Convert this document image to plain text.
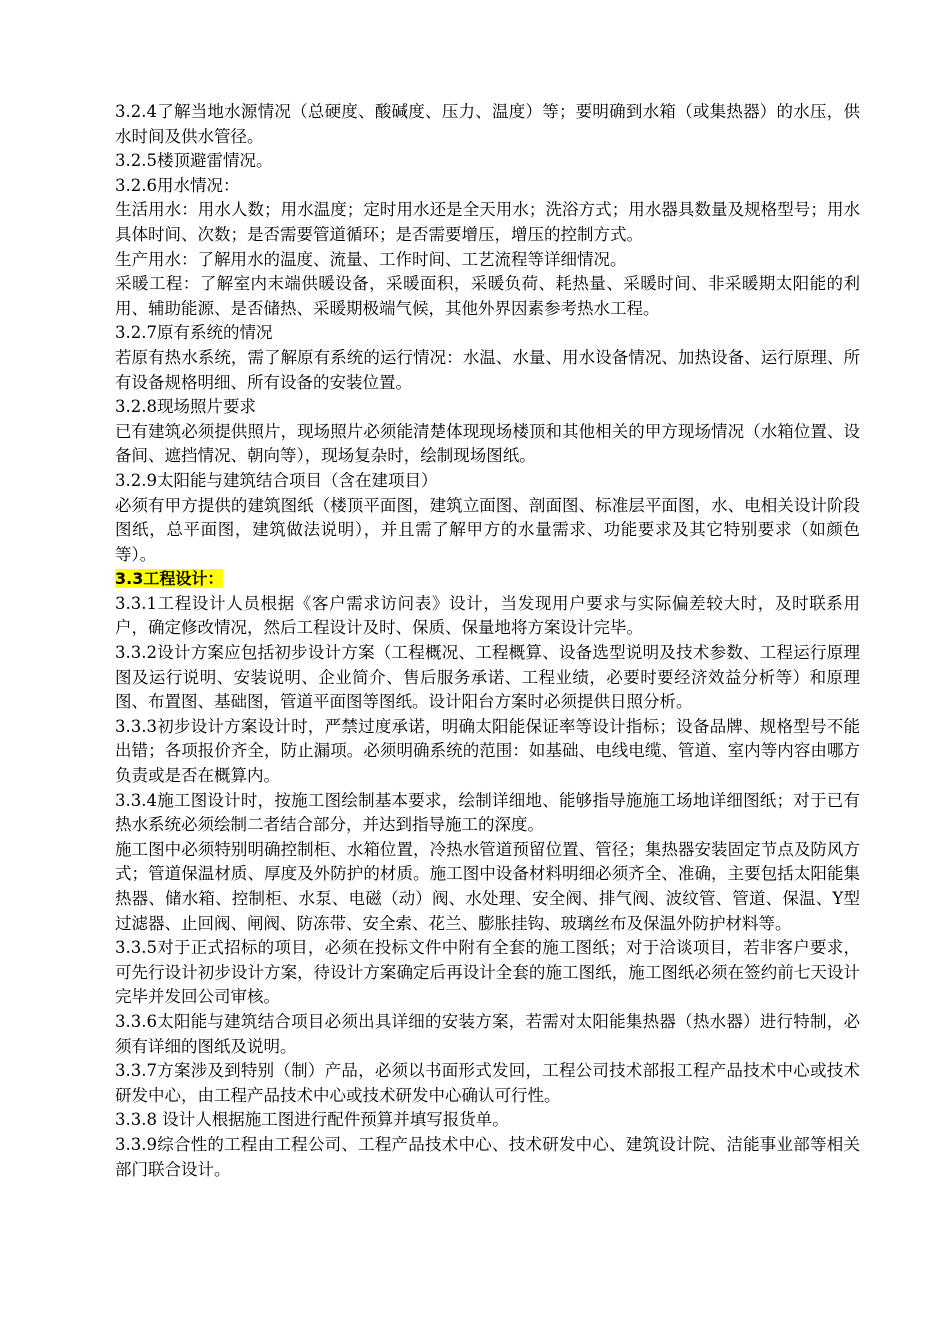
3.2.4了解当地水源情况（总硬度、酸碱度、压力、温度）等；要明确到水箱（或集热器）的水压，供水时间及供水管径。

3.2.5楼顶避雷情况。

3.2.6用水情况：

生活用水：用水人数；用水温度；定时用水还是全天用水；洗浴方式；用水器具数量及规格型号；用水具体时间、次数；是否需要管道循环；是否需要增压，增压的控制方式。

生产用水：了解用水的温度、流量、工作时间、工艺流程等详细情况。

采暖工程：了解室内末端供暖设备，采暖面积，采暖负荷、耗热量、采暖时间、非采暖期太阳能的利用、辅助能源、是否储热、采暖期极端气候，其他外界因素参考热水工程。

3.2.7原有系统的情况

若原有热水系统，需了解原有系统的运行情况：水温、水量、用水设备情况、加热设备、运行原理、所有设备规格明细、所有设备的安装位置。

3.2.8现场照片要求

已有建筑必须提供照片，现场照片必须能清楚体现现场楼顶和其他相关的甲方现场情况（水箱位置、设备间、遮挡情况、朝向等），现场复杂时，绘制现场图纸。

3.2.9太阳能与建筑结合项目（含在建项目）

必须有甲方提供的建筑图纸（楼顶平面图，建筑立面图、剖面图、标准层平面图，水、电相关设计阶段图纸，总平面图，建筑做法说明），并且需了解甲方的水量需求、功能要求及其它特别要求（如颜色等）。

3.3工程设计：

3.3.1工程设计人员根据《客户需求访问表》设计，当发现用户要求与实际偏差较大时，及时联系用户，确定修改情况，然后工程设计及时、保质、保量地将方案设计完毕。

3.3.2设计方案应包括初步设计方案（工程概况、工程概算、设备选型说明及技术参数、工程运行原理图及运行说明、安装说明、企业简介、售后服务承诺、工程业绩，必要时要经济效益分析等）和原理图、布置图、基础图，管道平面图等图纸。设计阳台方案时必须提供日照分析。

3.3.3初步设计方案设计时，严禁过度承诺，明确太阳能保证率等设计指标；设备品牌、规格型号不能出错；各项报价齐全，防止漏项。必须明确系统的范围：如基础、电线电缆、管道、室内等内容由哪方负责或是否在概算内。

3.3.4施工图设计时，按施工图绘制基本要求，绘制详细地、能够指导施施工场地详细图纸；对于已有热水系统必须绘制二者结合部分，并达到指导施工的深度。

施工图中必须特别明确控制柜、水箱位置，冷热水管道预留位置、管径；集热器安装固定节点及防风方式；管道保温材质、厚度及外防护的材质。施工图中设备材料明细必须齐全、准确，主要包括太阳能集热器、储水箱、控制柜、水泵、电磁（动）阀、水处理、安全阀、排气阀、波纹管、管道、保温、Y型过滤器、止回阀、闸阀、防冻带、安全索、花兰、膨胀挂钩、玻璃丝布及保温外防护材料等。

3.3.5对于正式招标的项目，必须在投标文件中附有全套的施工图纸；对于洽谈项目，若非客户要求，可先行设计初步设计方案，待设计方案确定后再设计全套的施工图纸，施工图纸必须在签约前七天设计完毕并发回公司审核。

3.3.6太阳能与建筑结合项目必须出具详细的安装方案，若需对太阳能集热器（热水器）进行特制，必须有详细的图纸及说明。

3.3.7方案涉及到特别（制）产品，必须以书面形式发回，工程公司技术部报工程产品技术中心或技术研发中心，由工程产品技术中心或技术研发中心确认可行性。

3.3.8 设计人根据施工图进行配件预算并填写报货单。

3.3.9综合性的工程由工程公司、工程产品技术中心、技术研发中心、建筑设计院、洁能事业部等相关部门联合设计。
